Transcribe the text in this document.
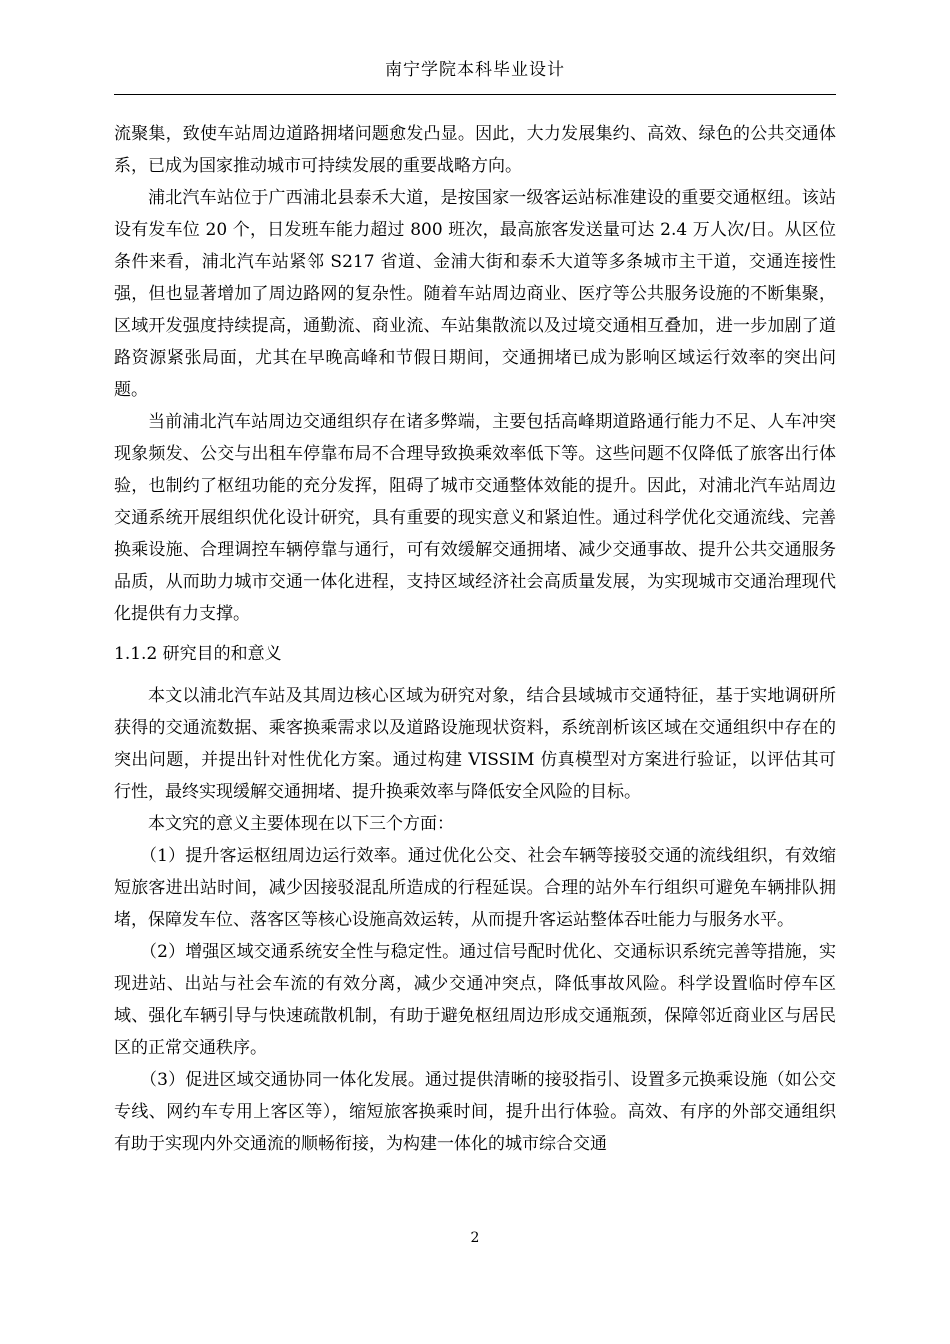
南宁学院本科毕业设计

流聚集，致使车站周边道路拥堵问题愈发凸显。因此，大力发展集约、高效、绿色的公共交通体系，已成为国家推动城市可持续发展的重要战略方向。

浦北汽车站位于广西浦北县泰禾大道，是按国家一级客运站标准建设的重要交通枢纽。该站设有发车位 20 个，日发班车能力超过 800 班次，最高旅客发送量可达 2.4 万人次/日。从区位条件来看，浦北汽车站紧邻 S217 省道、金浦大街和泰禾大道等多条城市主干道，交通连接性强，但也显著增加了周边路网的复杂性。随着车站周边商业、医疗等公共服务设施的不断集聚，区域开发强度持续提高，通勤流、商业流、车站集散流以及过境交通相互叠加，进一步加剧了道路资源紧张局面，尤其在早晚高峰和节假日期间，交通拥堵已成为影响区域运行效率的突出问题。

当前浦北汽车站周边交通组织存在诸多弊端，主要包括高峰期道路通行能力不足、人车冲突现象频发、公交与出租车停靠布局不合理导致换乘效率低下等。这些问题不仅降低了旅客出行体验，也制约了枢纽功能的充分发挥，阻碍了城市交通整体效能的提升。因此，对浦北汽车站周边交通系统开展组织优化设计研究，具有重要的现实意义和紧迫性。通过科学优化交通流线、完善换乘设施、合理调控车辆停靠与通行，可有效缓解交通拥堵、减少交通事故、提升公共交通服务品质，从而助力城市交通一体化进程，支持区域经济社会高质量发展，为实现城市交通治理现代化提供有力支撑。

1.1.2 研究目的和意义

本文以浦北汽车站及其周边核心区域为研究对象，结合县域城市交通特征，基于实地调研所获得的交通流数据、乘客换乘需求以及道路设施现状资料，系统剖析该区域在交通组织中存在的突出问题，并提出针对性优化方案。通过构建 VISSIM 仿真模型对方案进行验证，以评估其可行性，最终实现缓解交通拥堵、提升换乘效率与降低安全风险的目标。

本文究的意义主要体现在以下三个方面：

（1）提升客运枢纽周边运行效率。通过优化公交、社会车辆等接驳交通的流线组织，有效缩短旅客进出站时间，减少因接驳混乱所造成的行程延误。合理的站外车行组织可避免车辆排队拥堵，保障发车位、落客区等核心设施高效运转，从而提升客运站整体吞吐能力与服务水平。

（2）增强区域交通系统安全性与稳定性。通过信号配时优化、交通标识系统完善等措施，实现进站、出站与社会车流的有效分离，减少交通冲突点，降低事故风险。科学设置临时停车区域、强化车辆引导与快速疏散机制，有助于避免枢纽周边形成交通瓶颈，保障邻近商业区与居民区的正常交通秩序。

（3）促进区域交通协同一体化发展。通过提供清晰的接驳指引、设置多元换乘设施（如公交专线、网约车专用上客区等），缩短旅客换乘时间，提升出行体验。高效、有序的外部交通组织有助于实现内外交通流的顺畅衔接，为构建一体化的城市综合交通

2
